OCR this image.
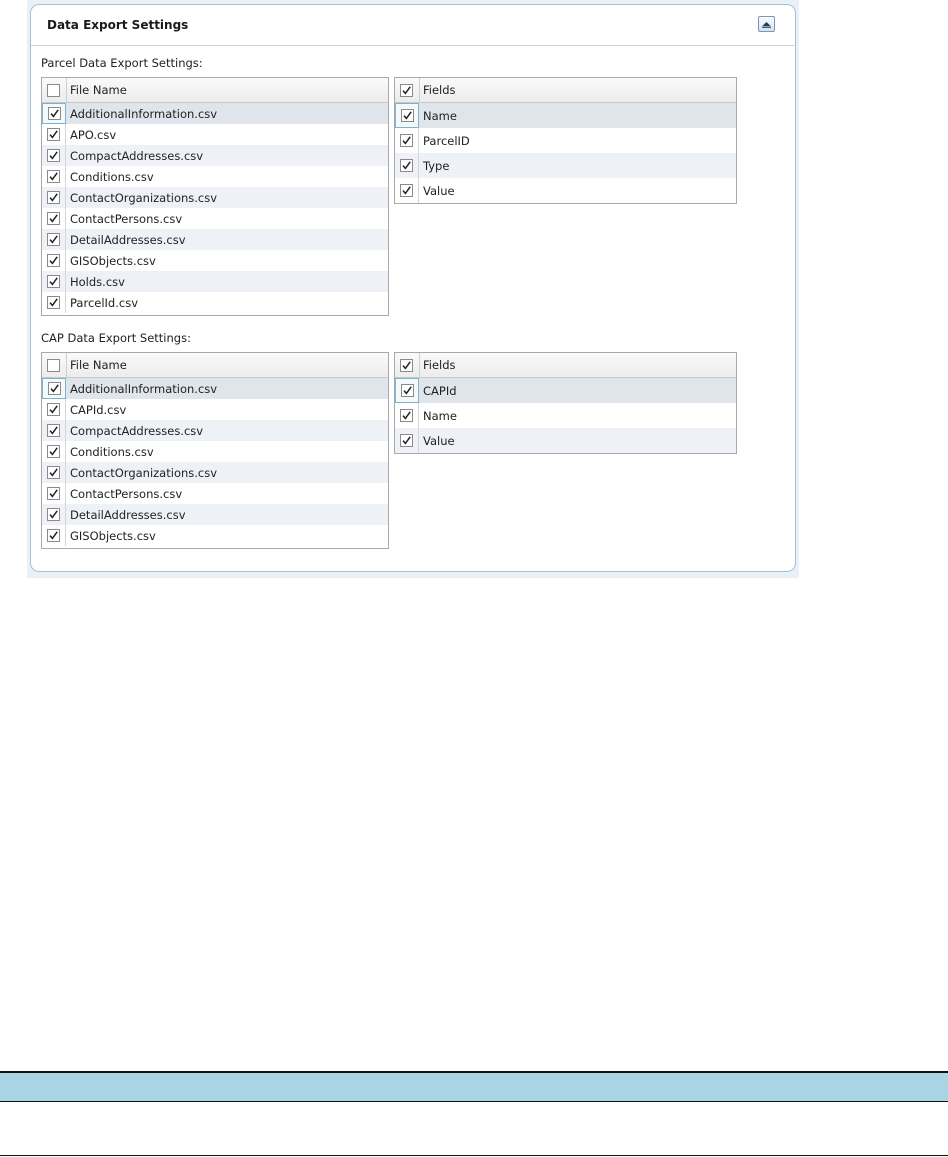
Data Export Settings
Parcel Data Export Settings:
File Name
AdditionalInformation.csv
APO.csv
CompactAddresses.csv
Conditions.csv
ContactOrganizations.csv
ContactPersons.csv
DetailAddresses.csv
GISObjects.csv
Holds.csv
ParcelId.csv
Fields
Name
ParcelID
Type
Value
CAP Data Export Settings:
File Name
AdditionalInformation.csv
CAPId.csv
CompactAddresses.csv
Conditions.csv
ContactOrganizations.csv
ContactPersons.csv
DetailAddresses.csv
GISObjects.csv
Fields
CAPId
Name
Value
